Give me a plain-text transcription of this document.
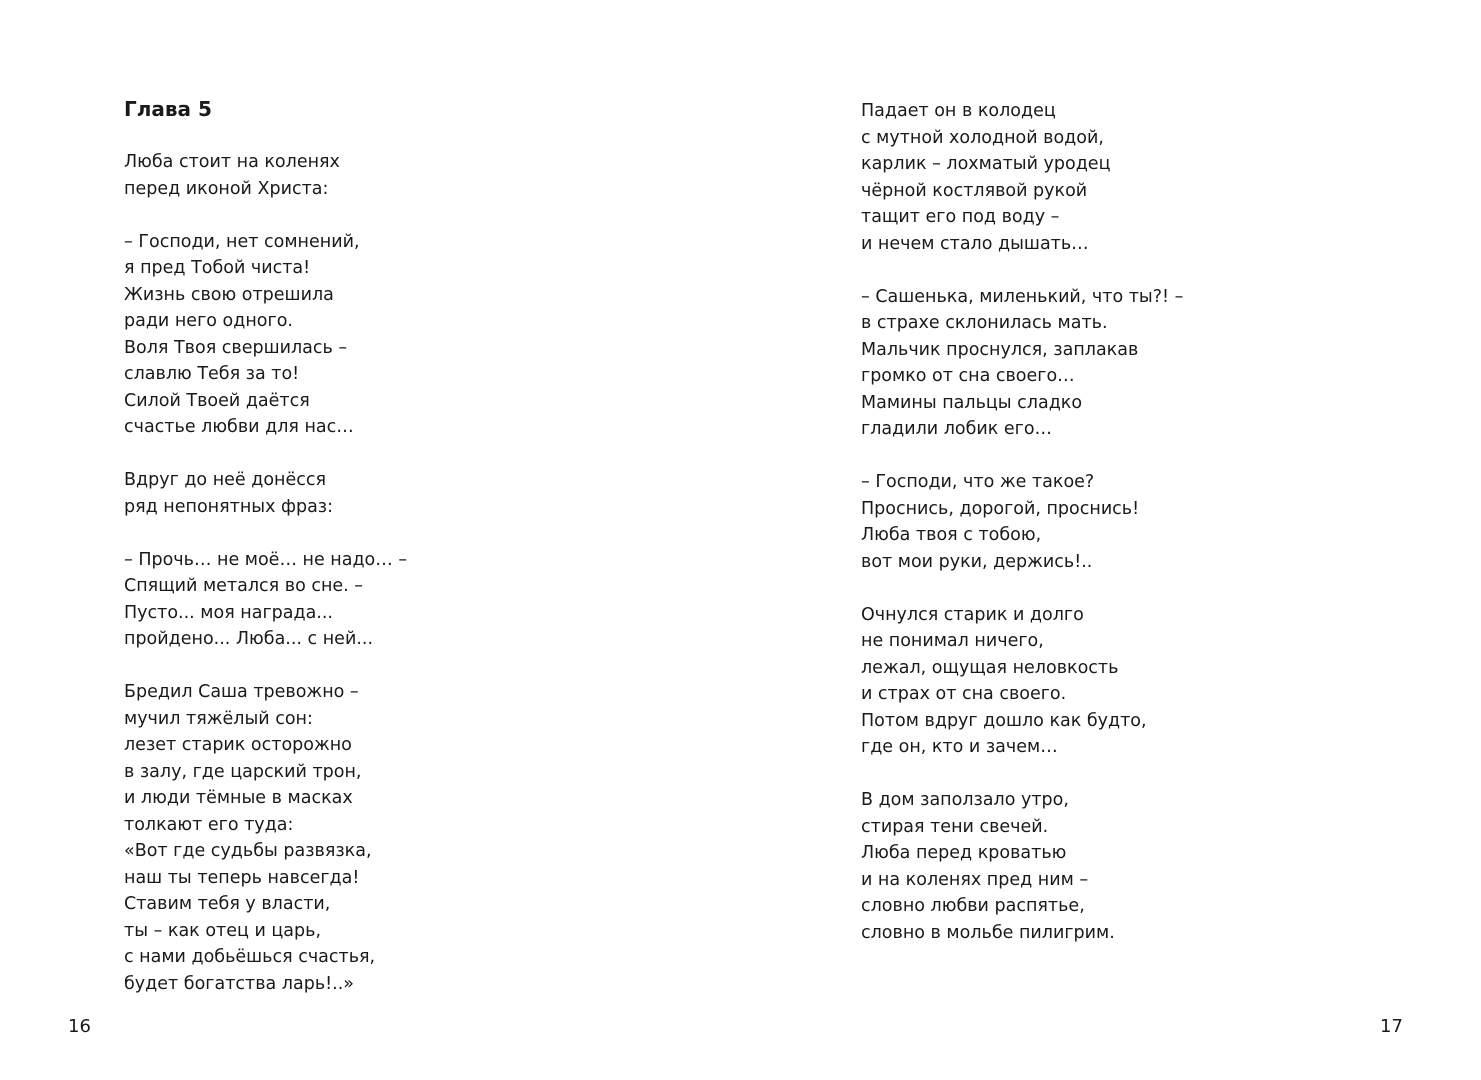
Глава 5
Люба стоит на коленях
перед иконой Христа:
– Господи, нет сомнений,
я пред Тобой чиста!
Жизнь свою отрешила
ради него одного.
Воля Твоя свершилась –
славлю Тебя за то!
Силой Твоей даётся
счастье любви для нас…
Вдруг до неё донёсся
ряд непонятных фраз:
– Прочь… не моё… не надо… –
Спящий метался во сне. –
Пусто... моя награда...
пройдено... Люба... с ней...
Бредил Саша тревожно –
мучил тяжёлый сон:
лезет старик осторожно
в залу, где царский трон,
и люди тёмные в масках
толкают его туда:
«Вот где судьбы развязка,
наш ты теперь навсегда!
Ставим тебя у власти,
ты – как отец и царь,
с нами добьёшься счастья,
будет богатства ларь!..»
16
Падает он в колодец
с мутной холодной водой,
карлик – лохматый уродец
чёрной костлявой рукой
тащит его под воду –
и нечем стало дышать…
– Сашенька, миленький, что ты?! –
в страхе склонилась мать.
Мальчик проснулся, заплакав
громко от сна своего…
Мамины пальцы сладко
гладили лобик его…
– Господи, что же такое?
Проснись, дорогой, проснись!
Люба твоя с тобою,
вот мои руки, держись!..
Очнулся старик и долго
не понимал ничего,
лежал, ощущая неловкость
и страх от сна своего.
Потом вдруг дошло как будто,
где он, кто и зачем…
В дом заползало утро,
стирая тени свечей.
Люба перед кроватью
и на коленях пред ним –
словно любви распятье,
словно в мольбе пилигрим.
17
